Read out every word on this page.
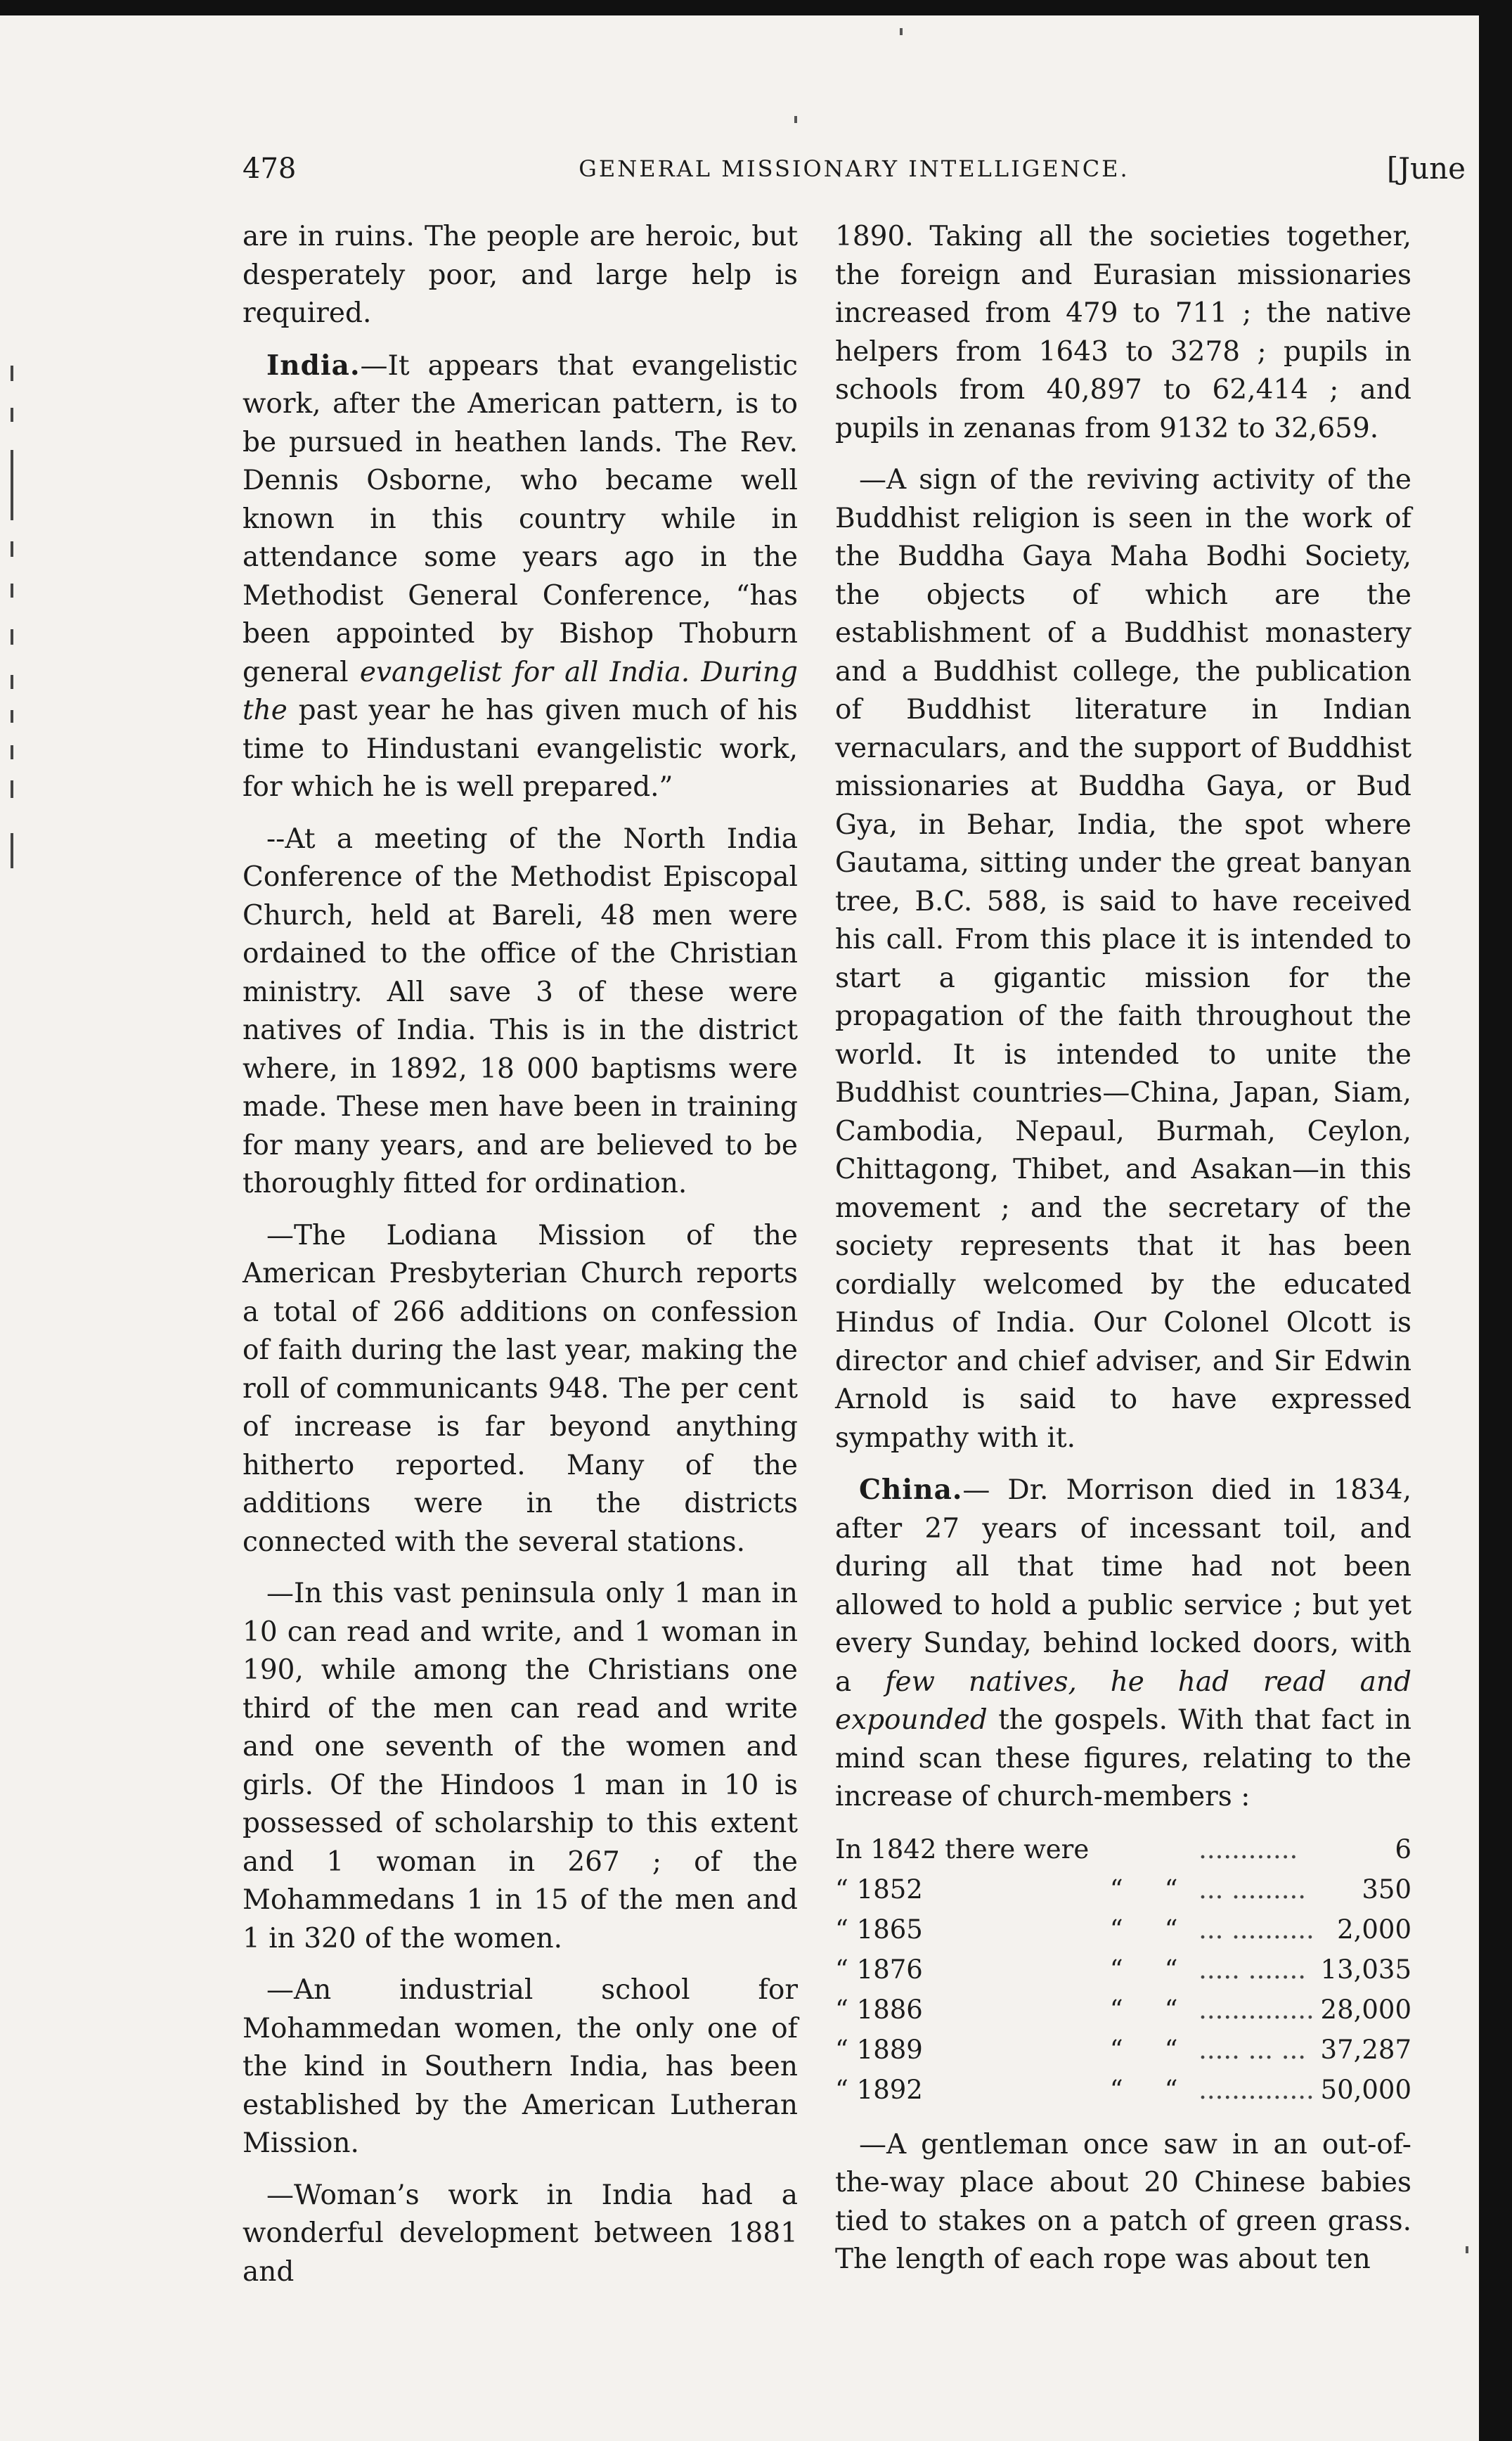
478	GENERAL MISSIONARY INTELLIGENCE.	[June

are in ruins. The people are heroic, but desperately poor, and large help is required.

India.—It appears that evangelistic work, after the American pattern, is to be pursued in heathen lands. The Rev. Dennis Osborne, who became well known in this country while in attendance some years ago in the Methodist General Conference, “has been appointed by Bishop Thoburn general evangelist for all India. During the past year he has given much of his time to Hindustani evangelistic work, for which he is well prepared.”

--At a meeting of the North India Conference of the Methodist Episcopal Church, held at Bareli, 48 men were ordained to the office of the Christian ministry. All save 3 of these were natives of India. This is in the district where, in 1892, 18 000 baptisms were made. These men have been in training for many years, and are believed to be thoroughly fitted for ordination.

—The Lodiana Mission of the American Presbyterian Church reports a total of 266 additions on confession of faith during the last year, making the roll of communicants 948. The per cent of increase is far beyond anything hitherto reported. Many of the additions were in the districts connected with the several stations.

—In this vast peninsula only 1 man in 10 can read and write, and 1 woman in 190, while among the Christians one third of the men can read and write and one seventh of the women and girls. Of the Hindoos 1 man in 10 is possessed of scholarship to this extent and 1 woman in 267 ; of the Mohammedans 1 in 15 of the men and 1 in 320 of the women.

—An industrial school for Mohammedan women, the only one of the kind in Southern India, has been established by the American Lutheran Mission.

—Woman’s work in India had a wonderful development between 1881 and

1890. Taking all the societies together, the foreign and Eurasian missionaries increased from 479 to 711 ; the native helpers from 1643 to 3278 ; pupils in schools from 40,897 to 62,414 ; and pupils in zenanas from 9132 to 32,659.

—A sign of the reviving activity of the Buddhist religion is seen in the work of the Buddha Gaya Maha Bodhi Society, the objects of which are the establishment of a Buddhist monastery and a Buddhist college, the publication of Buddhist literature in Indian vernaculars, and the support of Buddhist missionaries at Buddha Gaya, or Bud Gya, in Behar, India, the spot where Gautama, sitting under the great banyan tree, B.C. 588, is said to have received his call. From this place it is intended to start a gigantic mission for the propagation of the faith throughout the world. It is intended to unite the Buddhist countries—China, Japan, Siam, Cambodia, Nepaul, Burmah, Ceylon, Chittagong, Thibet, and Asakan—in this movement ; and the secretary of the society represents that it has been cordially welcomed by the educated Hindus of India. Our Colonel Olcott is director and chief adviser, and Sir Edwin Arnold is said to have expressed sympathy with it.

China.— Dr. Morrison died in 1834, after 27 years of incessant toil, and during all that time had not been allowed to hold a public service ; but yet every Sunday, behind locked doors, with a few natives, he had read and expounded the gospels. With that fact in mind scan these figures, relating to the increase of church-members :

In 1842 there were			............	6
“ 1852	“	“	... .........	350
“ 1865	“	“	... ..........	2,000
“ 1876	“	“	..... .......	13,035
“ 1886	“	“	..............	28,000
“ 1889	“	“	..... ... ...	37,287
“ 1892	“	“	..............	50,000

—A gentleman once saw in an out-of-the-way place about 20 Chinese babies tied to stakes on a patch of green grass. The length of each rope was about ten
